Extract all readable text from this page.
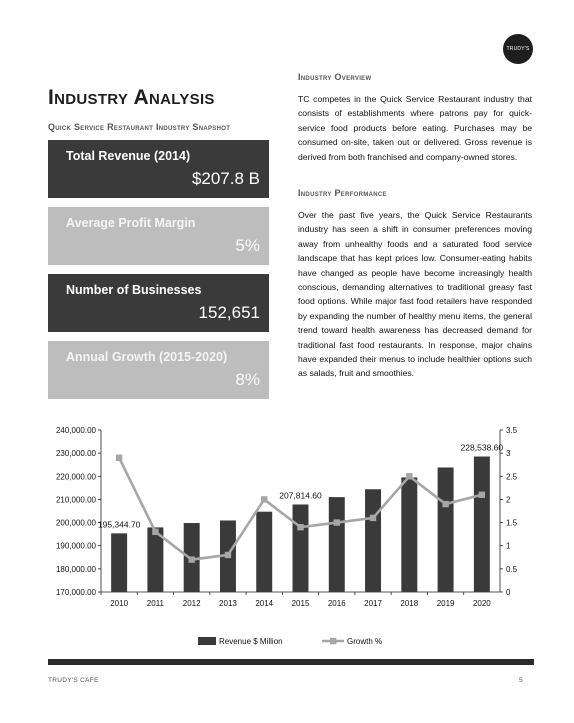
TRUDY'S
Industry Analysis
Quick Service Restaurant Industry Snapshot
Total Revenue (2014)
$207.8 B
Average Profit Margin
5%
Number of Businesses
152,651
Annual Growth (2015-2020)
8%
Industry Overview

TC competes in the Quick Service Restaurant industry that consists of establishments where patrons pay for quick-service food products before eating. Purchases may be consumed on-site, taken out or delivered. Gross revenue is derived from both franchised and company-owned stores.

Industry Performance

Over the past five years, the Quick Service Restaurants industry has seen a shift in consumer preferences moving away from unhealthy foods and a saturated food service landscape that has kept prices low. Consumer-eating habits have changed as people have become increasingly health conscious, demanding alternatives to traditional greasy fast food options. While major fast food retailers have responded by expanding the number of healthy menu items, the general trend toward health awareness has decreased demand for traditional fast food restaurants. In response, major chains have expanded their menus to include healthier options such as salads, fruit and smoothies.

170,000.00
180,000.00
190,000.00
200,000.00
210,000.00
220,000.00
230,000.00
240,000.00
0
0.5
1
1.5
2
2.5
3
3.5
2010 2011 2012 2013 2014 2015 2016 2017 2018 2019 2020
195,344.70
207,814.60
228,538.60
Revenue $ Million	Growth %
TRUDY'S CAFE	5
